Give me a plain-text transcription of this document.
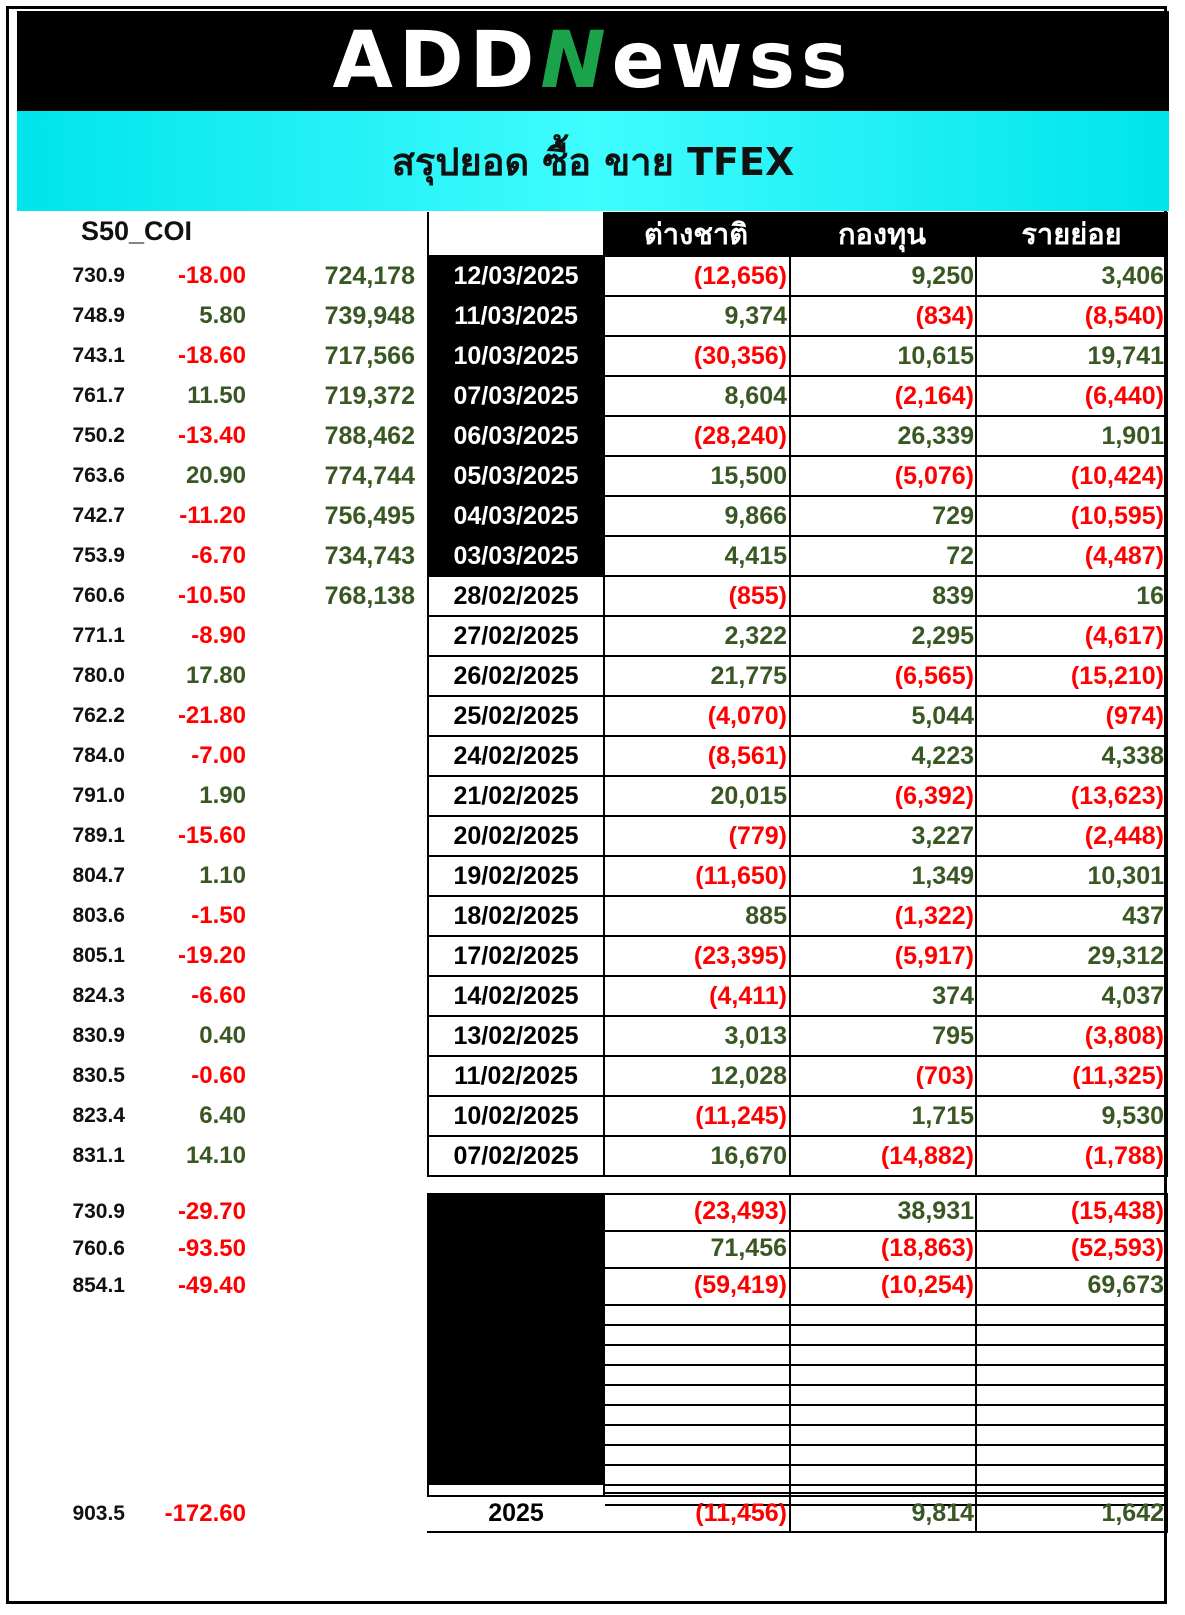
ADDNewss
สรุปยอด ซื้อ ขาย TFEX
S50_COI	ต่างชาติ	กองทุน	รายย่อย
730.9	-18.00	724,178	12/03/2025	(12,656)	9,250	3,406
748.9	5.80	739,948	11/03/2025	9,374	(834)	(8,540)
743.1	-18.60	717,566	10/03/2025	(30,356)	10,615	19,741
761.7	11.50	719,372	07/03/2025	8,604	(2,164)	(6,440)
750.2	-13.40	788,462	06/03/2025	(28,240)	26,339	1,901
763.6	20.90	774,744	05/03/2025	15,500	(5,076)	(10,424)
742.7	-11.20	756,495	04/03/2025	9,866	729	(10,595)
753.9	-6.70	734,743	03/03/2025	4,415	72	(4,487)
760.6	-10.50	768,138	28/02/2025	(855)	839	16
771.1	-8.90	27/02/2025	2,322	2,295	(4,617)
780.0	17.80	26/02/2025	21,775	(6,565)	(15,210)
762.2	-21.80	25/02/2025	(4,070)	5,044	(974)
784.0	-7.00	24/02/2025	(8,561)	4,223	4,338
791.0	1.90	21/02/2025	20,015	(6,392)	(13,623)
789.1	-15.60	20/02/2025	(779)	3,227	(2,448)
804.7	1.10	19/02/2025	(11,650)	1,349	10,301
803.6	-1.50	18/02/2025	885	(1,322)	437
805.1	-19.20	17/02/2025	(23,395)	(5,917)	29,312
824.3	-6.60	14/02/2025	(4,411)	374	4,037
830.9	0.40	13/02/2025	3,013	795	(3,808)
830.5	-0.60	11/02/2025	12,028	(703)	(11,325)
823.4	6.40	10/02/2025	(11,245)	1,715	9,530
831.1	14.10	07/02/2025	16,670	(14,882)	(1,788)
730.9	-29.70	(23,493)	38,931	(15,438)
760.6	-93.50	71,456	(18,863)	(52,593)
854.1	-49.40	(59,419)	(10,254)	69,673
903.5	-172.60	2025	(11,456)	9,814	1,642
